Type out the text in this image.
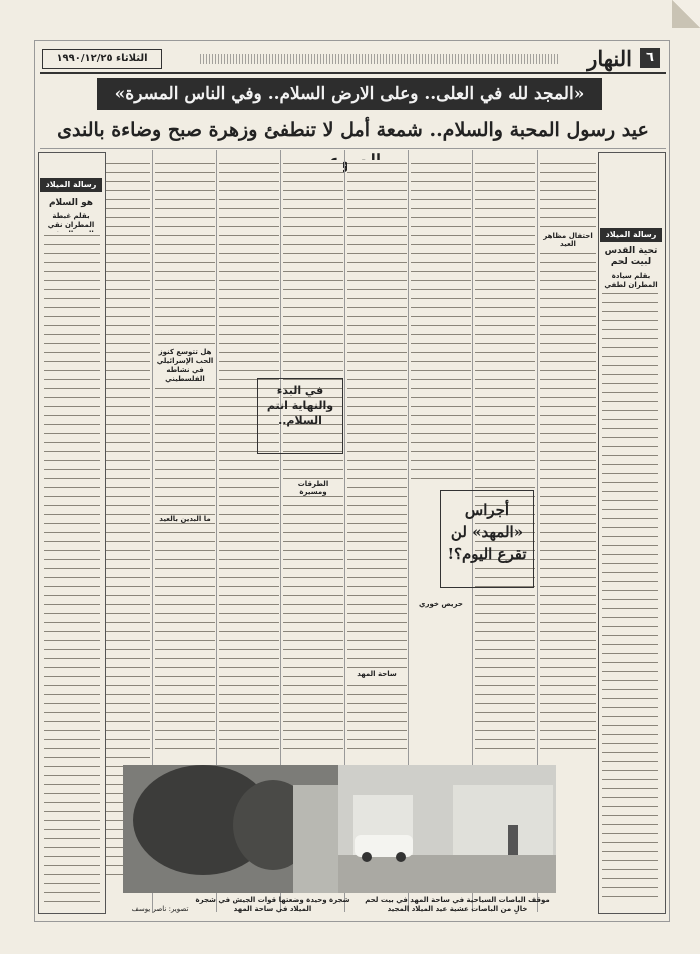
٦
النهار
الثلاثاء ١٩٩٠/١٢/٢٥
«المجد لله في العلى.. وعلى الارض السلام.. وفي الناس المسرة»
عيد رسول المحبة والسلام.. شمعة أمل لا تنطفئ وزهرة صبح وضاءة بالندى
رسالة الميلاد
تحية القدس لبيت لحم
بقلم سيادة المطران لطفي
رسالة الميلاد
هو السلام
بقلم غبطة المطران نقي
احتفال مظاهر العيد
ساحة المهد
حريص خوري
الطرقات ومسيرة
ما البدين بالعيد
هل تتوسع كنوز الحب الإسرائيلي في نشاطه الفلسطيني
أجراس «المهد» لن تقرع اليوم؟!
في البدء والنهاية انتم السلام..
موقف الباصات السياحية في ساحة المهد في بيت لحم خالٍ من الباصات عشية عيد الميلاد المجيد
شجرة وحيدة وضعتها قوات الجيش في شجرة الميلاد في ساحة المهد
تصوير: ناصر يوسف
